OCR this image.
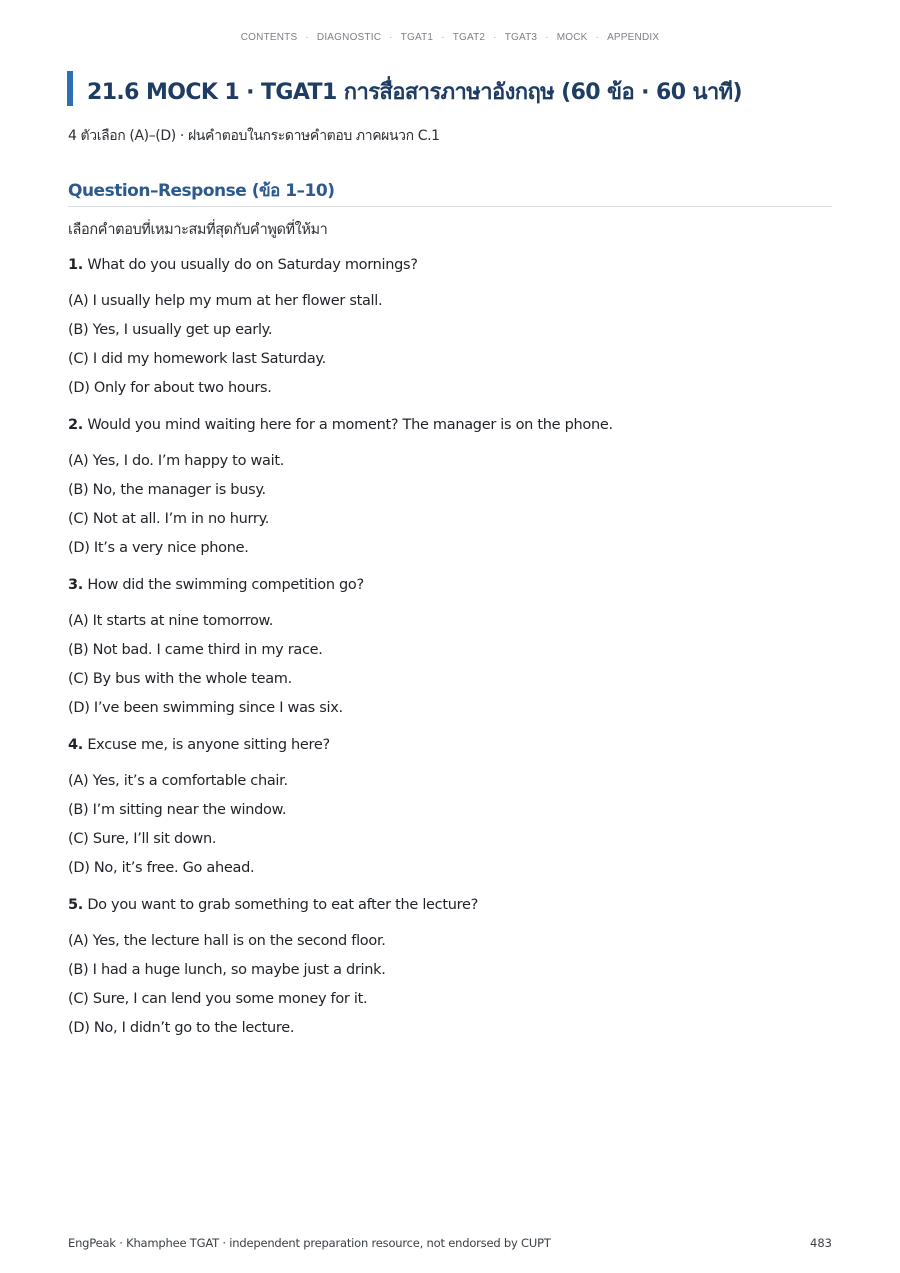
CONTENTS · DIAGNOSTIC · TGAT1 · TGAT2 · TGAT3 · MOCK · APPENDIX
21.6 MOCK 1 · TGAT1 การสื่อสารภาษาอังกฤษ (60 ข้อ · 60 นาที)
4 ตัวเลือก (A)–(D) · ฝนคำตอบในกระดาษคำตอบ ภาคผนวก C.1
Question–Response (ข้อ 1–10)
เลือกคำตอบที่เหมาะสมที่สุดกับคำพูดที่ให้มา
1. What do you usually do on Saturday mornings?
(A) I usually help my mum at her flower stall.
(B) Yes, I usually get up early.
(C) I did my homework last Saturday.
(D) Only for about two hours.
2. Would you mind waiting here for a moment? The manager is on the phone.
(A) Yes, I do. I’m happy to wait.
(B) No, the manager is busy.
(C) Not at all. I’m in no hurry.
(D) It’s a very nice phone.
3. How did the swimming competition go?
(A) It starts at nine tomorrow.
(B) Not bad. I came third in my race.
(C) By bus with the whole team.
(D) I’ve been swimming since I was six.
4. Excuse me, is anyone sitting here?
(A) Yes, it’s a comfortable chair.
(B) I’m sitting near the window.
(C) Sure, I’ll sit down.
(D) No, it’s free. Go ahead.
5. Do you want to grab something to eat after the lecture?
(A) Yes, the lecture hall is on the second floor.
(B) I had a huge lunch, so maybe just a drink.
(C) Sure, I can lend you some money for it.
(D) No, I didn’t go to the lecture.
EngPeak · Khamphee TGAT · independent preparation resource, not endorsed by CUPT	483
